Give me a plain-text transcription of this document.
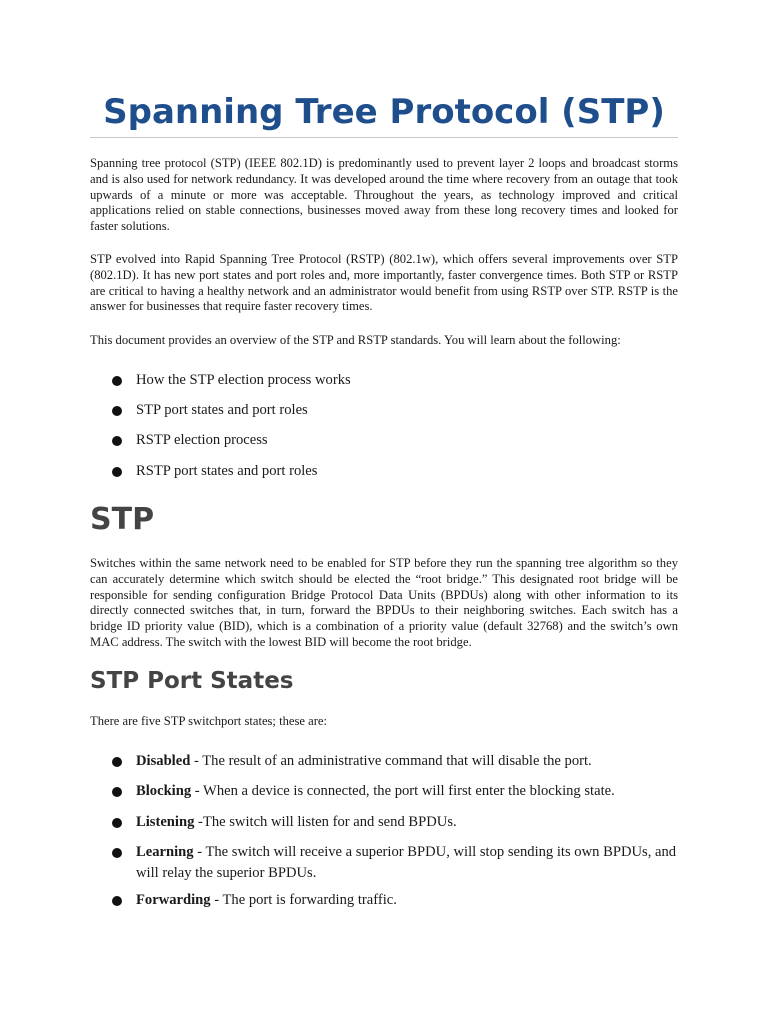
Spanning Tree Protocol (STP)

Spanning tree protocol (STP) (IEEE 802.1D) is predominantly used to prevent layer 2 loops and broadcast storms and is also used for network redundancy. It was developed around the time where recovery from an outage that took upwards of a minute or more was acceptable. Throughout the years, as technology improved and critical applications relied on stable connections, businesses moved away from these long recovery times and looked for faster solutions.

STP evolved into Rapid Spanning Tree Protocol (RSTP) (802.1w), which offers several improvements over STP (802.1D). It has new port states and port roles and, more importantly, faster convergence times. Both STP or RSTP are critical to having a healthy network and an administrator would benefit from using RSTP over STP. RSTP is the answer for businesses that require faster recovery times.

This document provides an overview of the STP and RSTP standards. You will learn about the following:

How the STP election process works
STP port states and port roles
RSTP election process
RSTP port states and port roles
STP

Switches within the same network need to be enabled for STP before they run the spanning tree algorithm so they can accurately determine which switch should be elected the “root bridge.” This designated root bridge will be responsible for sending configuration Bridge Protocol Data Units (BPDUs) along with other information to its directly connected switches that, in turn, forward the BPDUs to their neighboring switches. Each switch has a bridge ID priority value (BID), which is a combination of a priority value (default 32768) and the switch’s own MAC address. The switch with the lowest BID will become the root bridge.

STP Port States

There are five STP switchport states; these are:

Disabled - The result of an administrative command that will disable the port.
Blocking - When a device is connected, the port will first enter the blocking state.
Listening -The switch will listen for and send BPDUs.
Learning - The switch will receive a superior BPDU, will stop sending its own BPDUs, and will relay the superior BPDUs.
Forwarding - The port is forwarding traffic.
